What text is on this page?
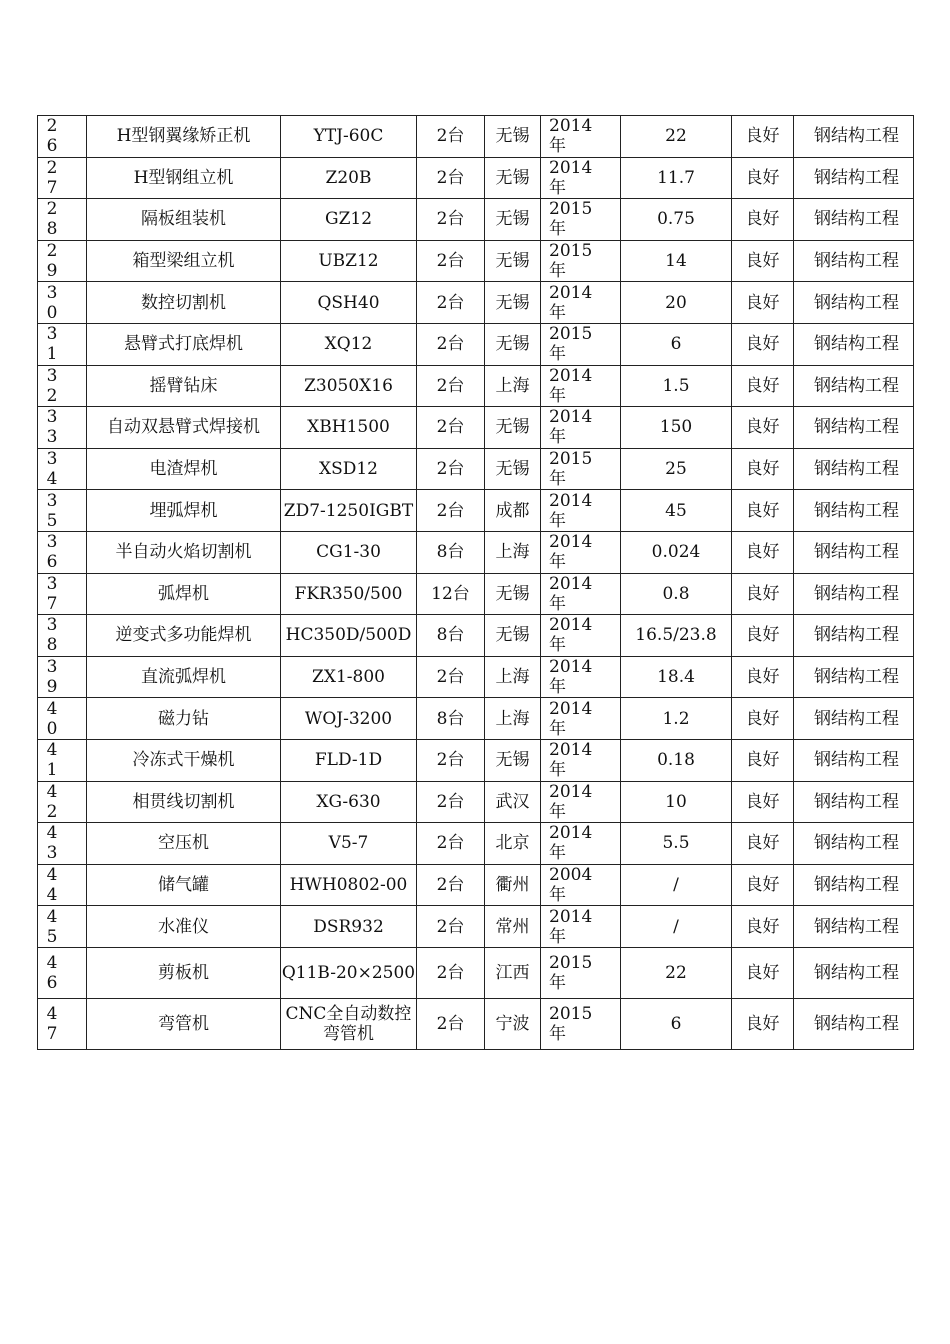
26	H型钢翼缘矫正机	YTJ-60C	2台	无锡	2014年	22	良好	钢结构工程

27	H型钢组立机	Z20B	2台	无锡	2014年	11.7	良好	钢结构工程

28	隔板组装机	GZ12	2台	无锡	2015年	0.75	良好	钢结构工程

29	箱型梁组立机	UBZ12	2台	无锡	2015年	14	良好	钢结构工程

30	数控切割机	QSH40	2台	无锡	2014年	20	良好	钢结构工程

31	悬臂式打底焊机	XQ12	2台	无锡	2015年	6	良好	钢结构工程

32	摇臂钻床	Z3050X16	2台	上海	2014年	1.5	良好	钢结构工程

33	自动双悬臂式焊接机	XBH1500	2台	无锡	2014年	150	良好	钢结构工程

34	电渣焊机	XSD12	2台	无锡	2015年	25	良好	钢结构工程

35	埋弧焊机	ZD7-1250IGBT	2台	成都	2014年	45	良好	钢结构工程

36	半自动火焰切割机	CG1-30	8台	上海	2014年	0.024	良好	钢结构工程

37	弧焊机	FKR350/500	12台	无锡	2014年	0.8	良好	钢结构工程

38	逆变式多功能焊机	HC350D/500D	8台	无锡	2014年	16.5/23.8	良好	钢结构工程

39	直流弧焊机	ZX1-800	2台	上海	2014年	18.4	良好	钢结构工程

40	磁力钻	WOJ-3200	8台	上海	2014年	1.2	良好	钢结构工程

41	冷冻式干燥机	FLD-1D	2台	无锡	2014年	0.18	良好	钢结构工程

42	相贯线切割机	XG-630	2台	武汉	2014年	10	良好	钢结构工程

43	空压机	V5-7	2台	北京	2014年	5.5	良好	钢结构工程

44	储气罐	HWH0802-00	2台	衢州	2004年	/	良好	钢结构工程

45	水准仪	DSR932	2台	常州	2014年	/	良好	钢结构工程

46	剪板机	Q11B-20×2500	2台	江西	2015年	22	良好	钢结构工程

47	弯管机	CNC全自动数控弯管机	2台	宁波	2015年	6	良好	钢结构工程
